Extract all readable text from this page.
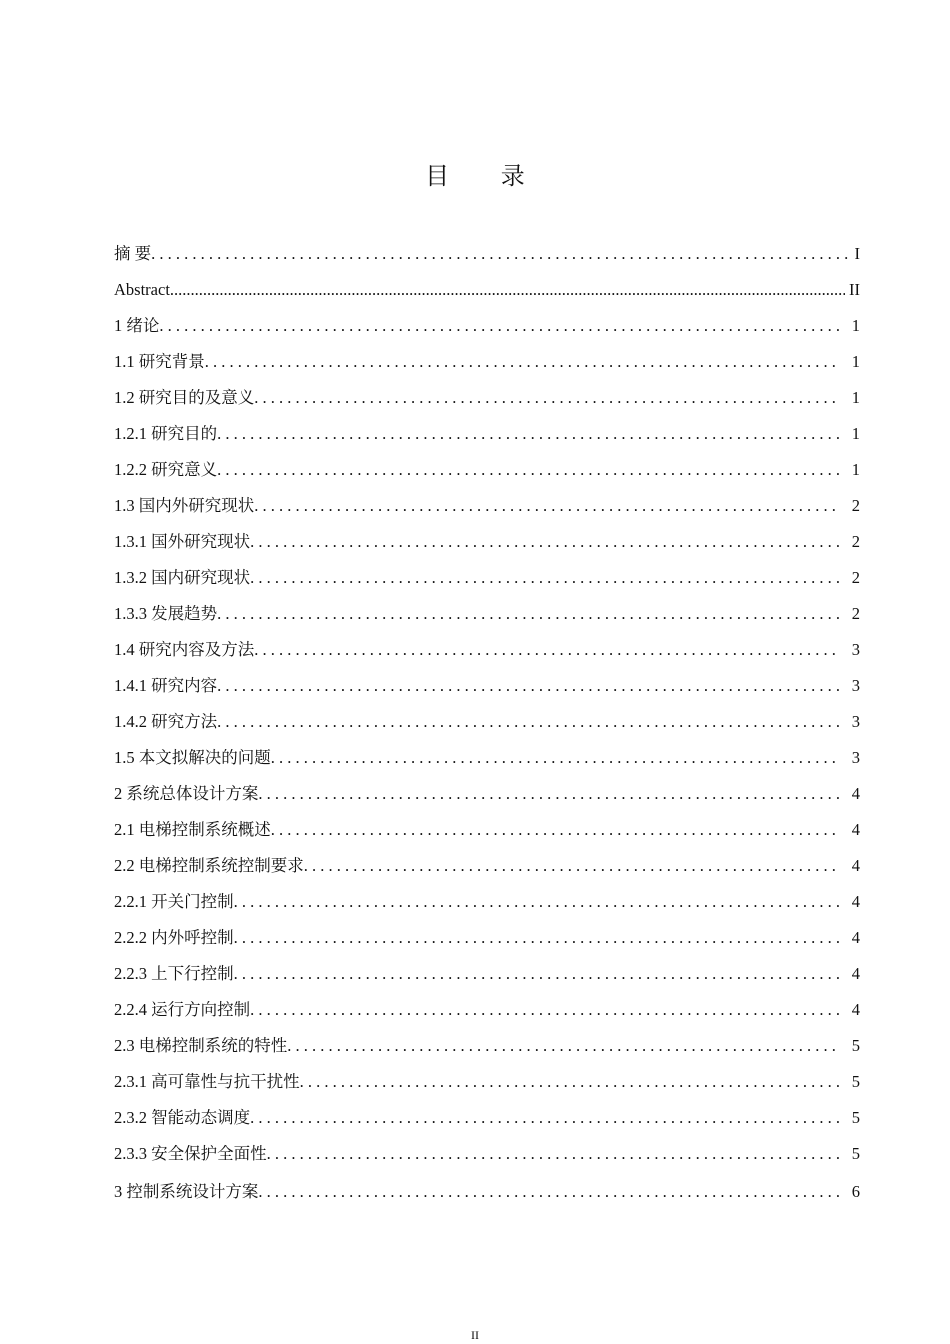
目 录
摘 要 . . .	I
Abstract .....	II
1 绪论 . . .	1
1.1 研究背景 . . .	1
1.2 研究目的及意义 . . .	1
1.2.1 研究目的 . . .	1
1.2.2 研究意义 . . .	1
1.3 国内外研究现状 . . .	2
1.3.1 国外研究现状 . . .	2
1.3.2 国内研究现状 . . .	2
1.3.3 发展趋势 . . .	2
1.4 研究内容及方法 . . .	3
1.4.1 研究内容 . . .	3
1.4.2 研究方法 . . .	3
1.5 本文拟解决的问题 . . .	3
2 系统总体设计方案 . . .	4
2.1 电梯控制系统概述 . . .	4
2.2 电梯控制系统控制要求 . . .	4
2.2.1 开关门控制 . . .	4
2.2.2 内外呼控制 . . .	4
2.2.3 上下行控制 . . .	4
2.2.4 运行方向控制 . . .	4
2.3 电梯控制系统的特性 . . .	5
2.3.1 高可靠性与抗干扰性 . . .	5
2.3.2 智能动态调度 . . .	5
2.3.3 安全保护全面性 . . .	5
3 控制系统设计方案 . . .	6
II
